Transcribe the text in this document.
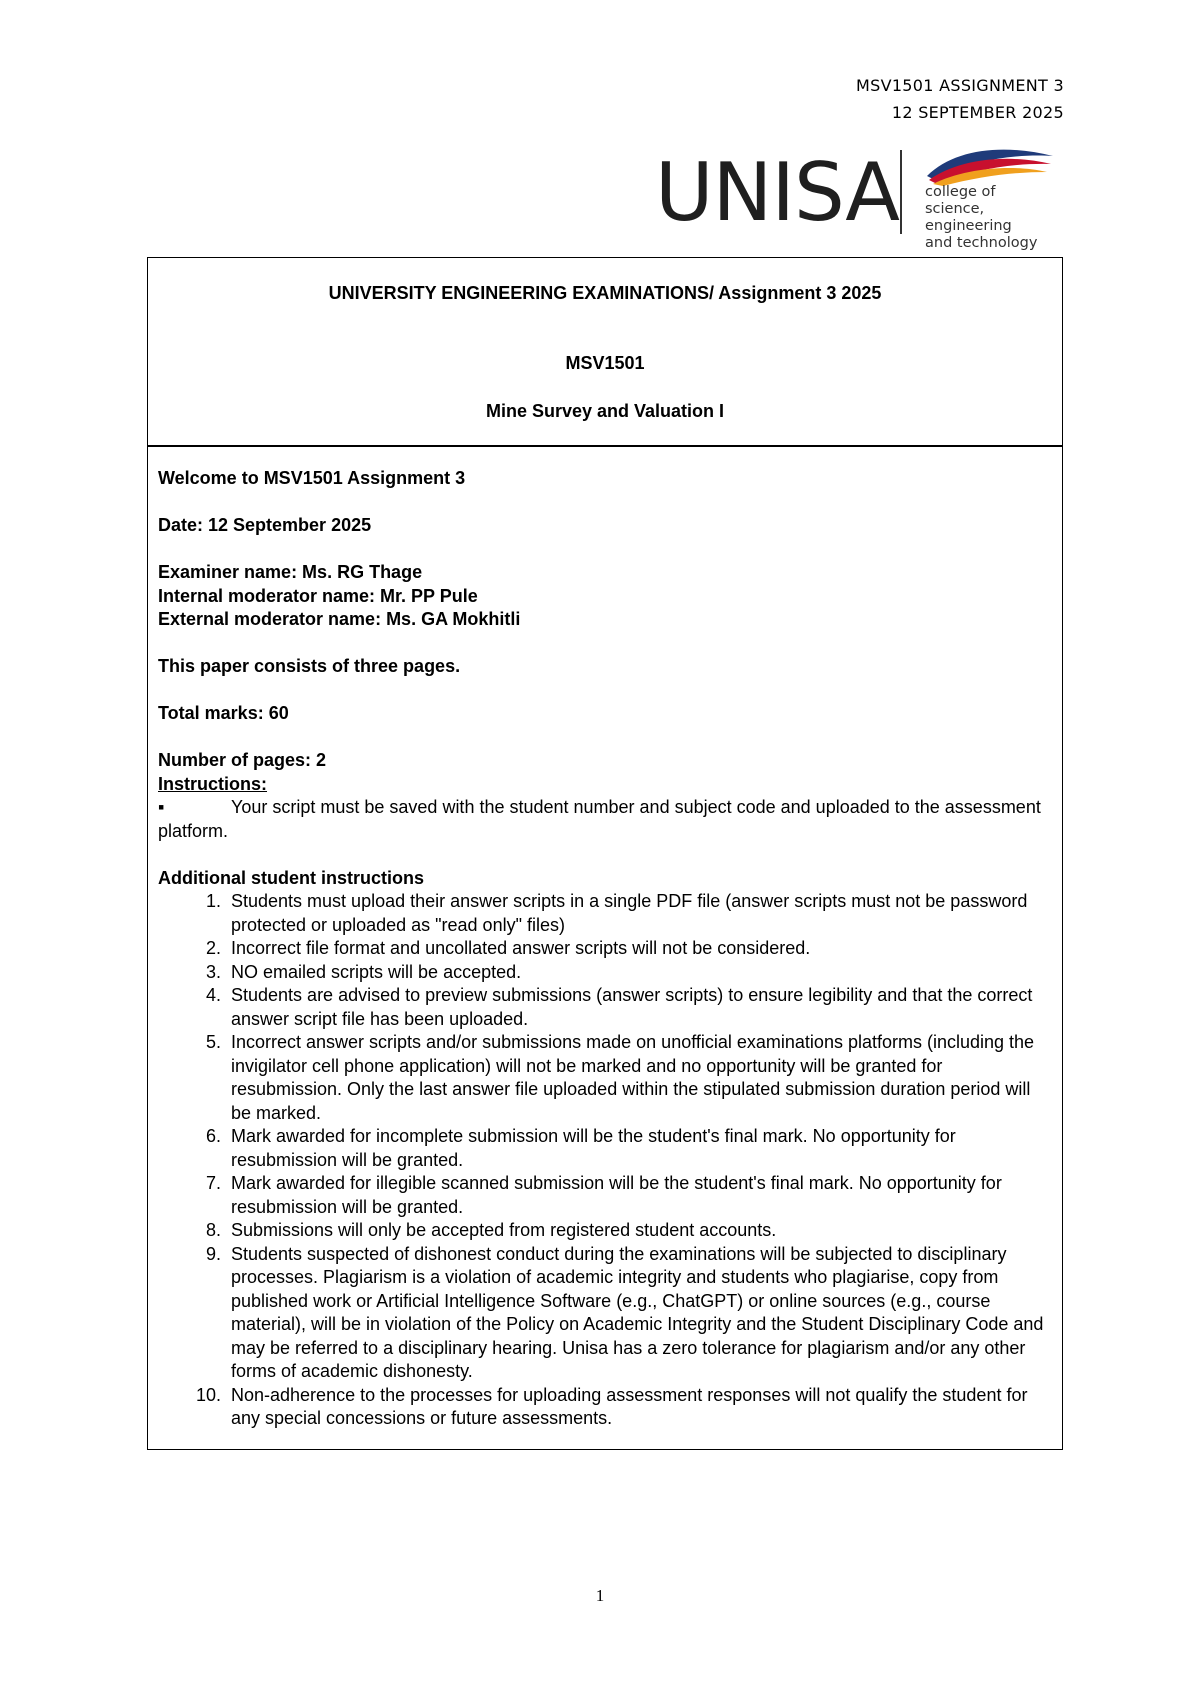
MSV1501 ASSIGNMENT 3
12 SEPTEMBER 2025
UNISA college of
science, engineering
and technology
UNIVERSITY ENGINEERING EXAMINATIONS/ Assignment 3 2025
MSV1501
Mine Survey and Valuation I
Welcome to MSV1501 Assignment 3
Date: 12 September 2025
Examiner name: Ms. RG Thage
Internal moderator name: Mr. PP Pule
External moderator name: Ms. GA Mokhitli
This paper consists of three pages.
Total marks: 60
Number of pages: 2
Instructions:
▪	Your script must be saved with the student number and subject code and uploaded to the assessment platform.
Additional student instructions
1. Students must upload their answer scripts in a single PDF file (answer scripts must not be password protected or uploaded as "read only" files)
2. Incorrect file format and uncollated answer scripts will not be considered.
3. NO emailed scripts will be accepted.
4. Students are advised to preview submissions (answer scripts) to ensure legibility and that the correct answer script file has been uploaded.
5. Incorrect answer scripts and/or submissions made on unofficial examinations platforms (including the invigilator cell phone application) will not be marked and no opportunity will be granted for resubmission. Only the last answer file uploaded within the stipulated submission duration period will be marked.
6. Mark awarded for incomplete submission will be the student's final mark. No opportunity for resubmission will be granted.
7. Mark awarded for illegible scanned submission will be the student's final mark. No opportunity for resubmission will be granted.
8. Submissions will only be accepted from registered student accounts.
9. Students suspected of dishonest conduct during the examinations will be subjected to disciplinary processes. Plagiarism is a violation of academic integrity and students who plagiarise, copy from published work or Artificial Intelligence Software (e.g., ChatGPT) or online sources (e.g., course material), will be in violation of the Policy on Academic Integrity and the Student Disciplinary Code and may be referred to a disciplinary hearing. Unisa has a zero tolerance for plagiarism and/or any other forms of academic dishonesty.
10. Non-adherence to the processes for uploading assessment responses will not qualify the student for any special concessions or future assessments.
1
